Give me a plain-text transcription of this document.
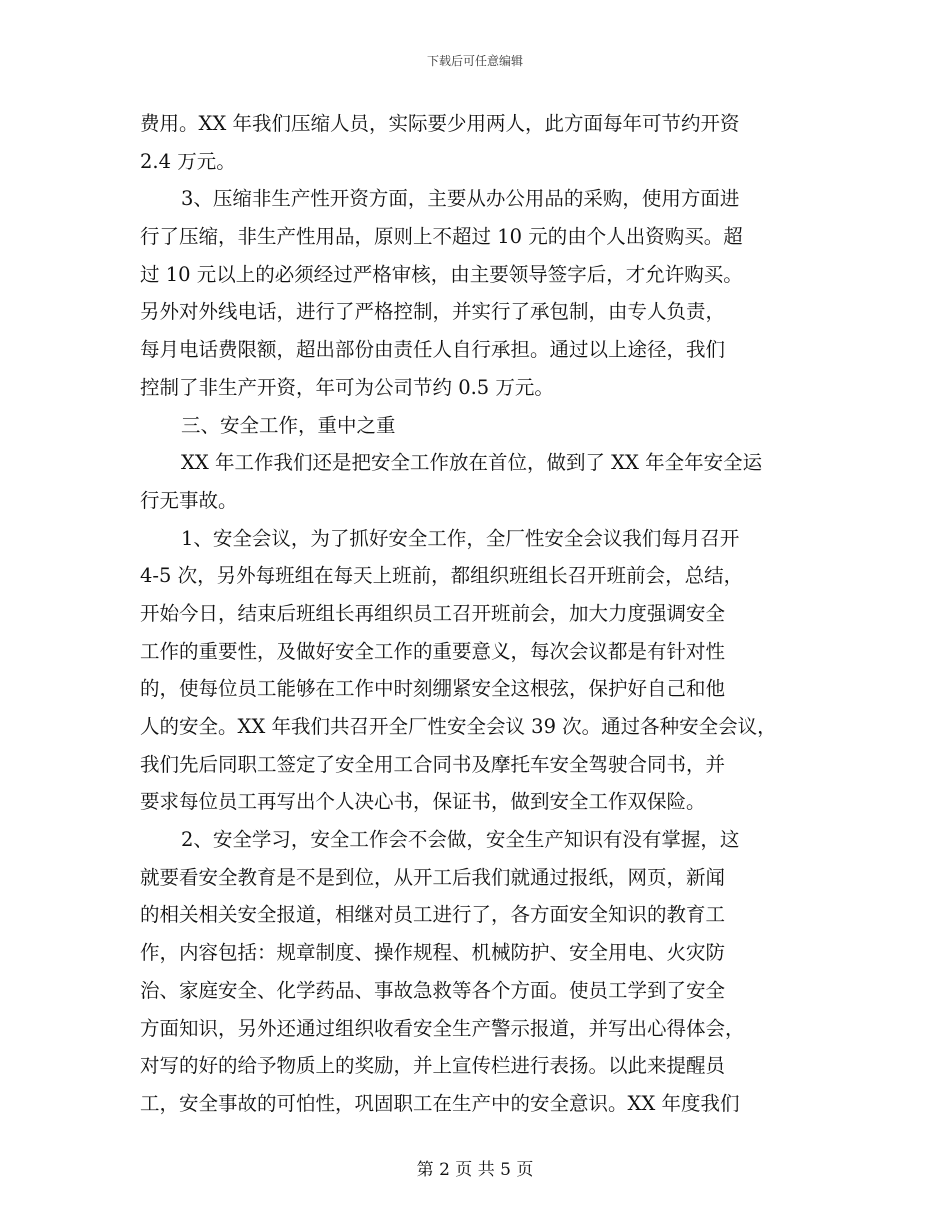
下载后可任意编辑
费用。XX 年我们压缩人员，实际要少用两人，此方面每年可节约开资
2.4 万元。
3、压缩非生产性开资方面，主要从办公用品的采购，使用方面进
行了压缩，非生产性用品，原则上不超过 10 元的由个人出资购买。超
过 10 元以上的必须经过严格审核，由主要领导签字后，才允许购买。
另外对外线电话，进行了严格控制，并实行了承包制，由专人负责，
每月电话费限额，超出部份由责任人自行承担。通过以上途径，我们
控制了非生产开资，年可为公司节约 0.5 万元。
三、安全工作，重中之重
XX 年工作我们还是把安全工作放在首位，做到了 XX 年全年安全运
行无事故。
1、安全会议，为了抓好安全工作，全厂性安全会议我们每月召开
4-5 次，另外每班组在每天上班前，都组织班组长召开班前会，总结，
开始今日，结束后班组长再组织员工召开班前会，加大力度强调安全
工作的重要性，及做好安全工作的重要意义，每次会议都是有针对性
的，使每位员工能够在工作中时刻绷紧安全这根弦，保护好自己和他
人的安全。XX 年我们共召开全厂性安全会议 39 次。通过各种安全会议，
我们先后同职工签定了安全用工合同书及摩托车安全驾驶合同书，并
要求每位员工再写出个人决心书，保证书，做到安全工作双保险。
2、安全学习，安全工作会不会做，安全生产知识有没有掌握，这
就要看安全教育是不是到位，从开工后我们就通过报纸，网页，新闻
的相关相关安全报道，相继对员工进行了，各方面安全知识的教育工
作，内容包括：规章制度、操作规程、机械防护、安全用电、火灾防
治、家庭安全、化学药品、事故急救等各个方面。使员工学到了安全
方面知识，另外还通过组织收看安全生产警示报道，并写出心得体会，
对写的好的给予物质上的奖励，并上宣传栏进行表扬。以此来提醒员
工，安全事故的可怕性，巩固职工在生产中的安全意识。XX 年度我们
第 2 页 共 5 页
